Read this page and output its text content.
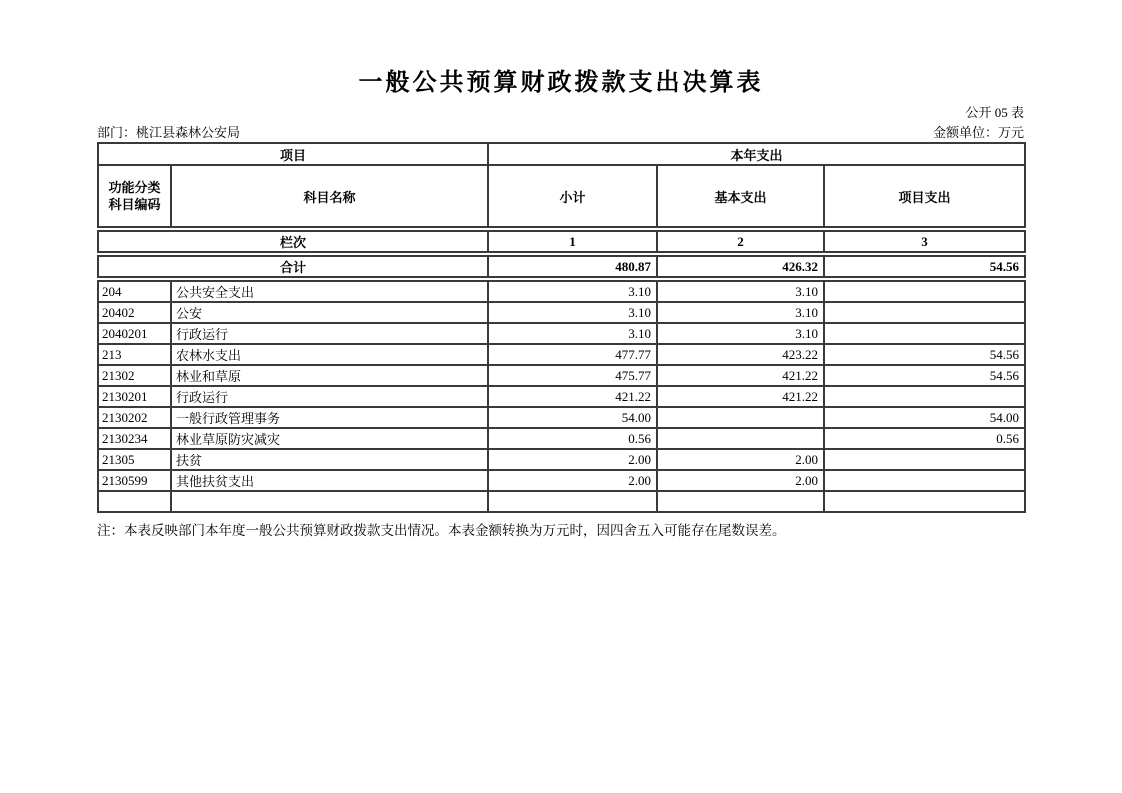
一般公共预算财政拨款支出决算表
公开 05 表
部门：桃江县森林公安局	金额单位：万元
项目		本年支出		

功能分类
科目编码	科目名称	小计	基本支出	项目支出
栏次	1	2	3
合计	480.87	426.32	54.56
204	公共安全支出	3.10	3.10	
20402	公安	3.10	3.10	
2040201	行政运行	3.10	3.10	
213	农林水支出	477.77	423.22	54.56
21302	林业和草原	475.77	421.22	54.56
2130201	行政运行	421.22	421.22	
2130202	一般行政管理事务	54.00		54.00
2130234	林业草原防灾减灾	0.56		0.56
21305	扶贫	2.00	2.00	
2130599	其他扶贫支出	2.00	2.00	

注：本表反映部门本年度一般公共预算财政拨款支出情况。本表金额转换为万元时，因四舍五入可能存在尾数误差。
